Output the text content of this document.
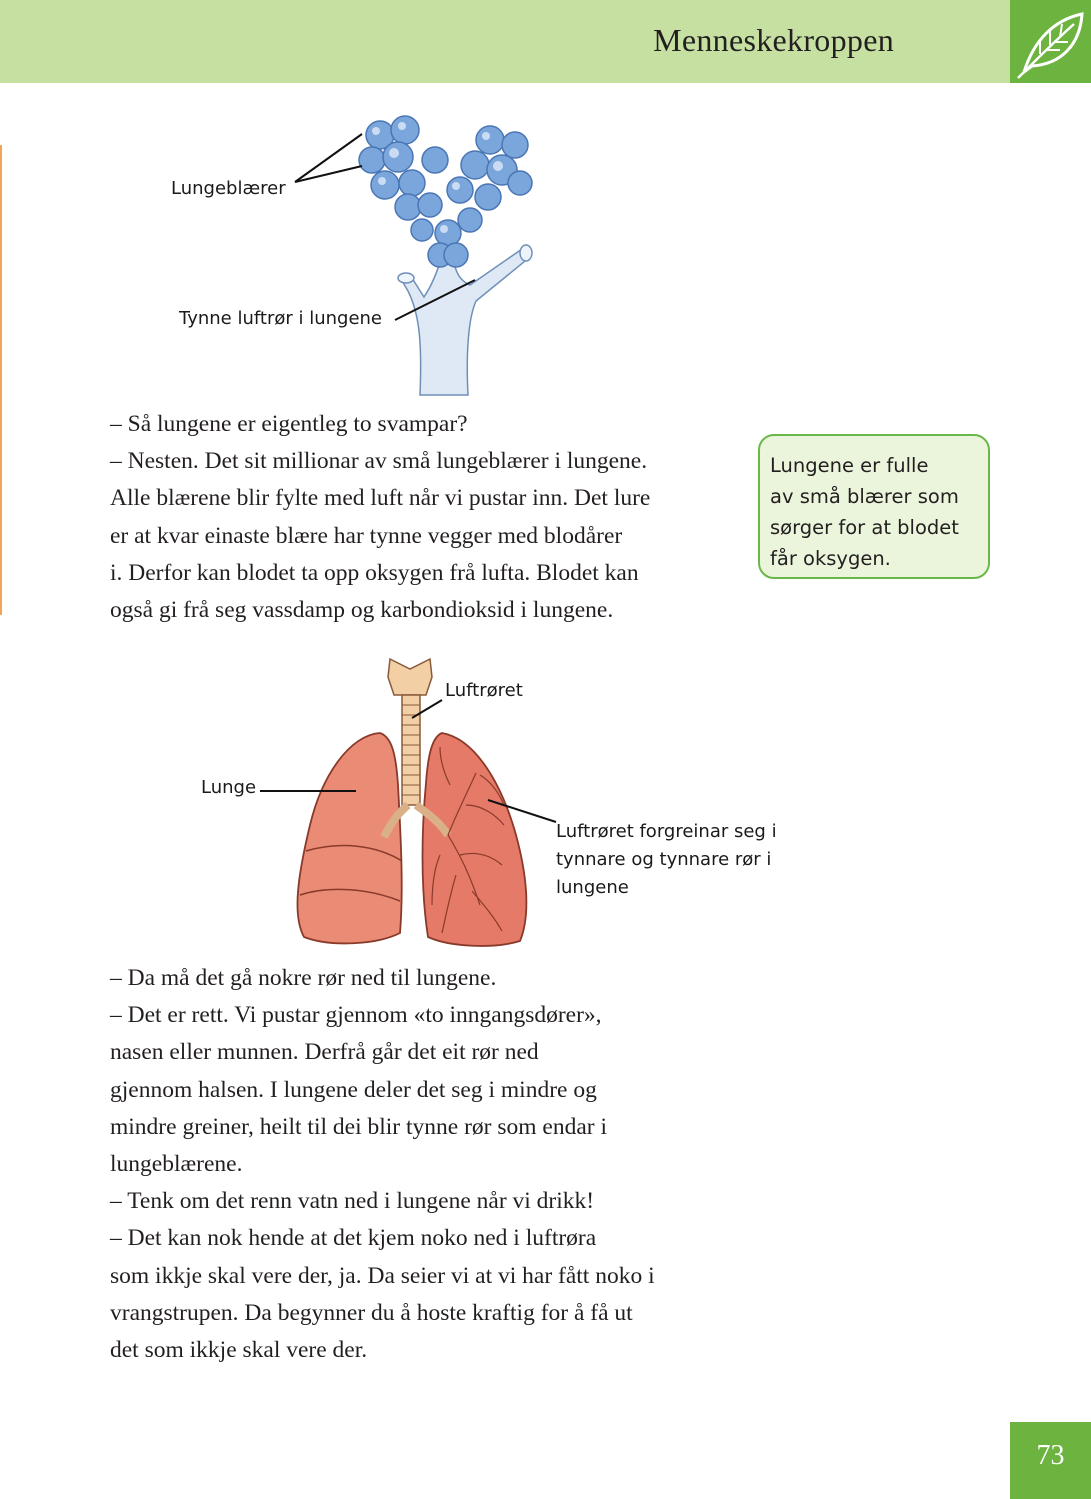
Menneskekroppen
Lungeblærer
Tynne luftrør i lungene
– Så lungene er eigentleg to svampar?
– Nesten. Det sit millionar av små lungeblærer i lungene.
Alle blærene blir fylte med luft når vi pustar inn. Det lure
er at kvar einaste blære har tynne vegger med blodårer
i. Derfor kan blodet ta opp oksygen frå lufta. Blodet kan
også gi frå seg vassdamp og karbondioksid i lungene.
Lungene er fulle
av små blærer som
sørger for at blodet
får oksygen.
Luftrøret
Lunge
Luftrøret forgreinar seg i
tynnare og tynnare rør i
lungene
– Da må det gå nokre rør ned til lungene.
– Det er rett. Vi pustar gjennom «to inngangsdører»,
nasen eller munnen. Derfrå går det eit rør ned
gjennom halsen. I lungene deler det seg i mindre og
mindre greiner, heilt til dei blir tynne rør som endar i
lungeblærene.
– Tenk om det renn vatn ned i lungene når vi drikk!
– Det kan nok hende at det kjem noko ned i luftrøra
som ikkje skal vere der, ja. Da seier vi at vi har fått noko i
vrangstrupen. Da begynner du å hoste kraftig for å få ut
det som ikkje skal vere der.
73
